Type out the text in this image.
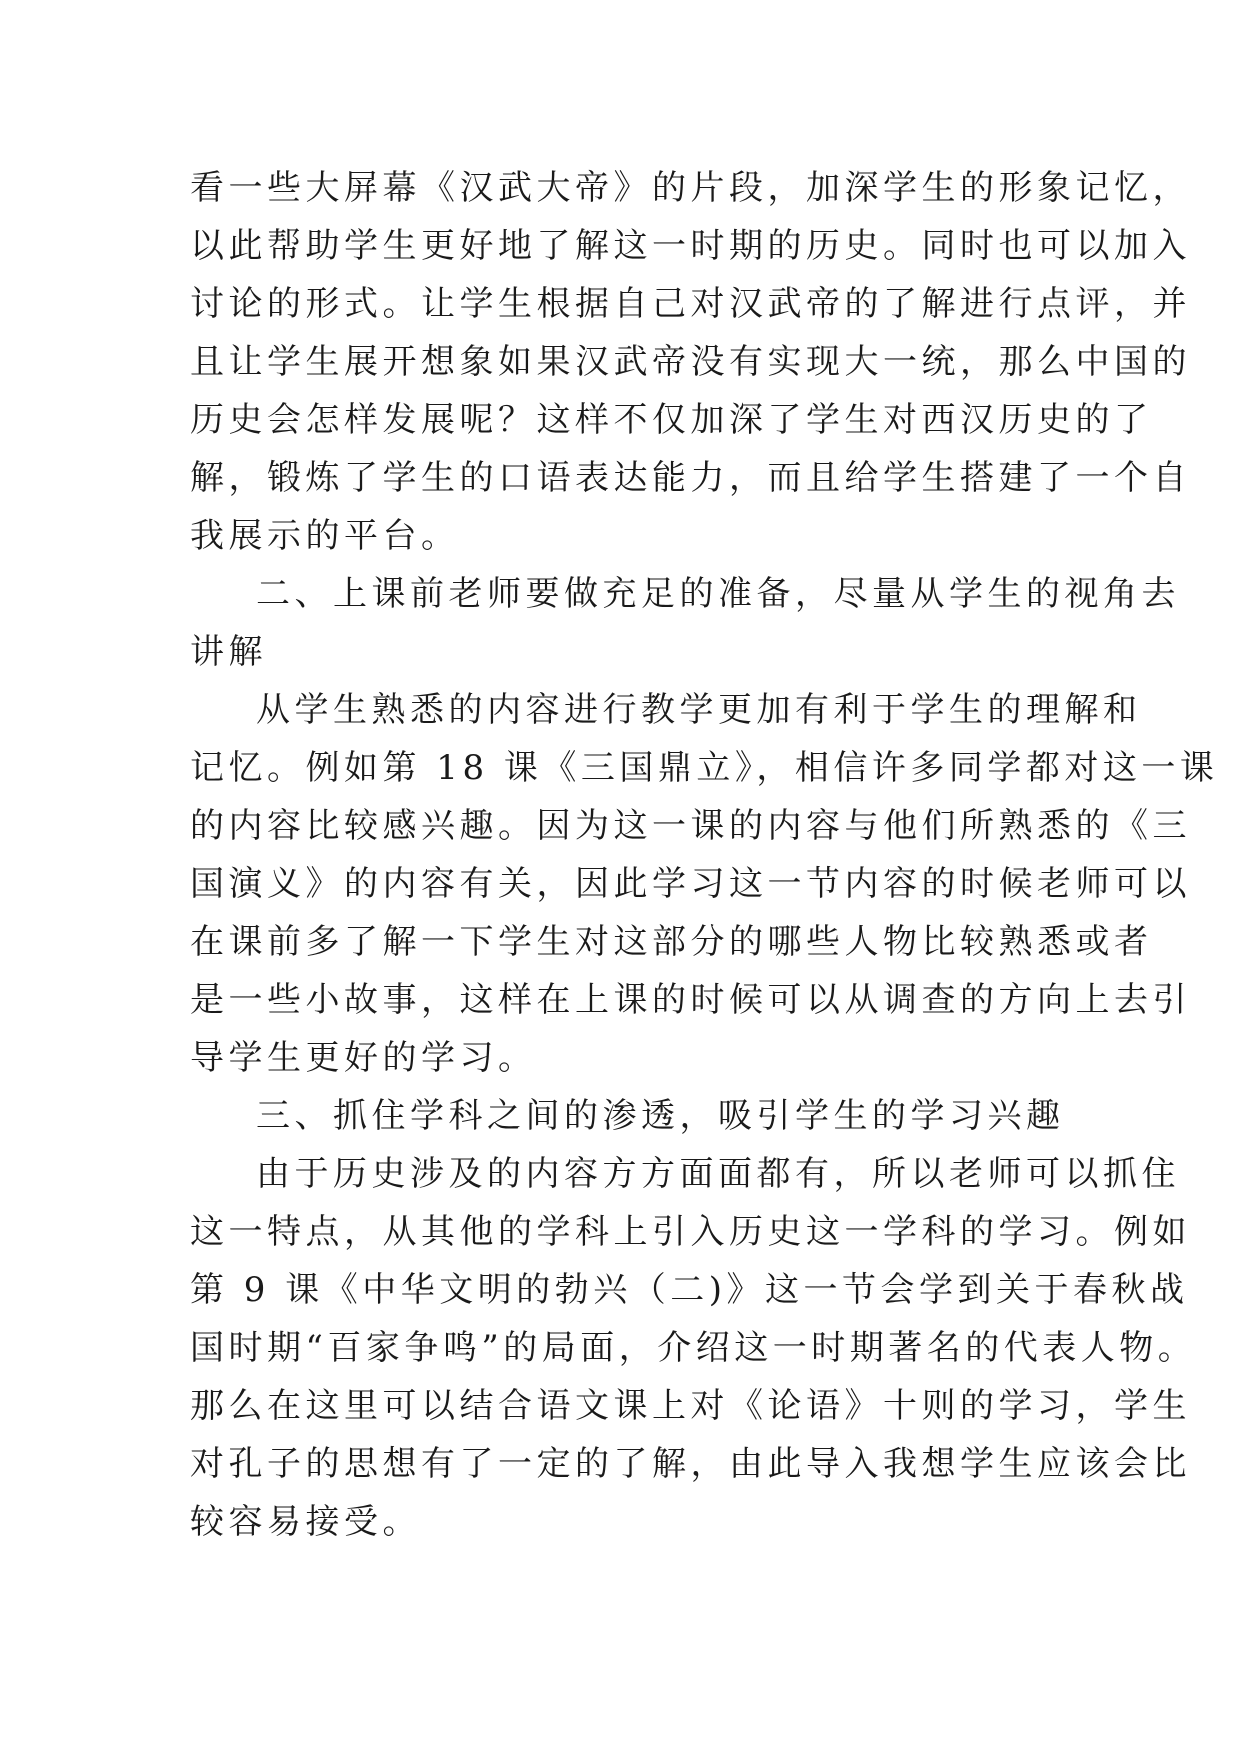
看一些大屏幕《汉武大帝》的片段，加深学生的形象记忆，
以此帮助学生更好地了解这一时期的历史。同时也可以加入
讨论的形式。让学生根据自己对汉武帝的了解进行点评，并
且让学生展开想象如果汉武帝没有实现大一统，那么中国的
历史会怎样发展呢？这样不仅加深了学生对西汉历史的了
解，锻炼了学生的口语表达能力，而且给学生搭建了一个自
我展示的平台。
二、上课前老师要做充足的准备，尽量从学生的视角去
讲解
从学生熟悉的内容进行教学更加有利于学生的理解和
记忆。例如第 18 课《三国鼎立》，相信许多同学都对这一课
的内容比较感兴趣。因为这一课的内容与他们所熟悉的《三
国演义》的内容有关，因此学习这一节内容的时候老师可以
在课前多了解一下学生对这部分的哪些人物比较熟悉或者
是一些小故事，这样在上课的时候可以从调查的方向上去引
导学生更好的学习。
三、抓住学科之间的渗透，吸引学生的学习兴趣
由于历史涉及的内容方方面面都有，所以老师可以抓住
这一特点，从其他的学科上引入历史这一学科的学习。例如
第 9 课《中华文明的勃兴（二)》这一节会学到关于春秋战
国时期“百家争鸣”的局面，介绍这一时期著名的代表人物。
那么在这里可以结合语文课上对《论语》十则的学习，学生
对孔子的思想有了一定的了解，由此导入我想学生应该会比
较容易接受。
